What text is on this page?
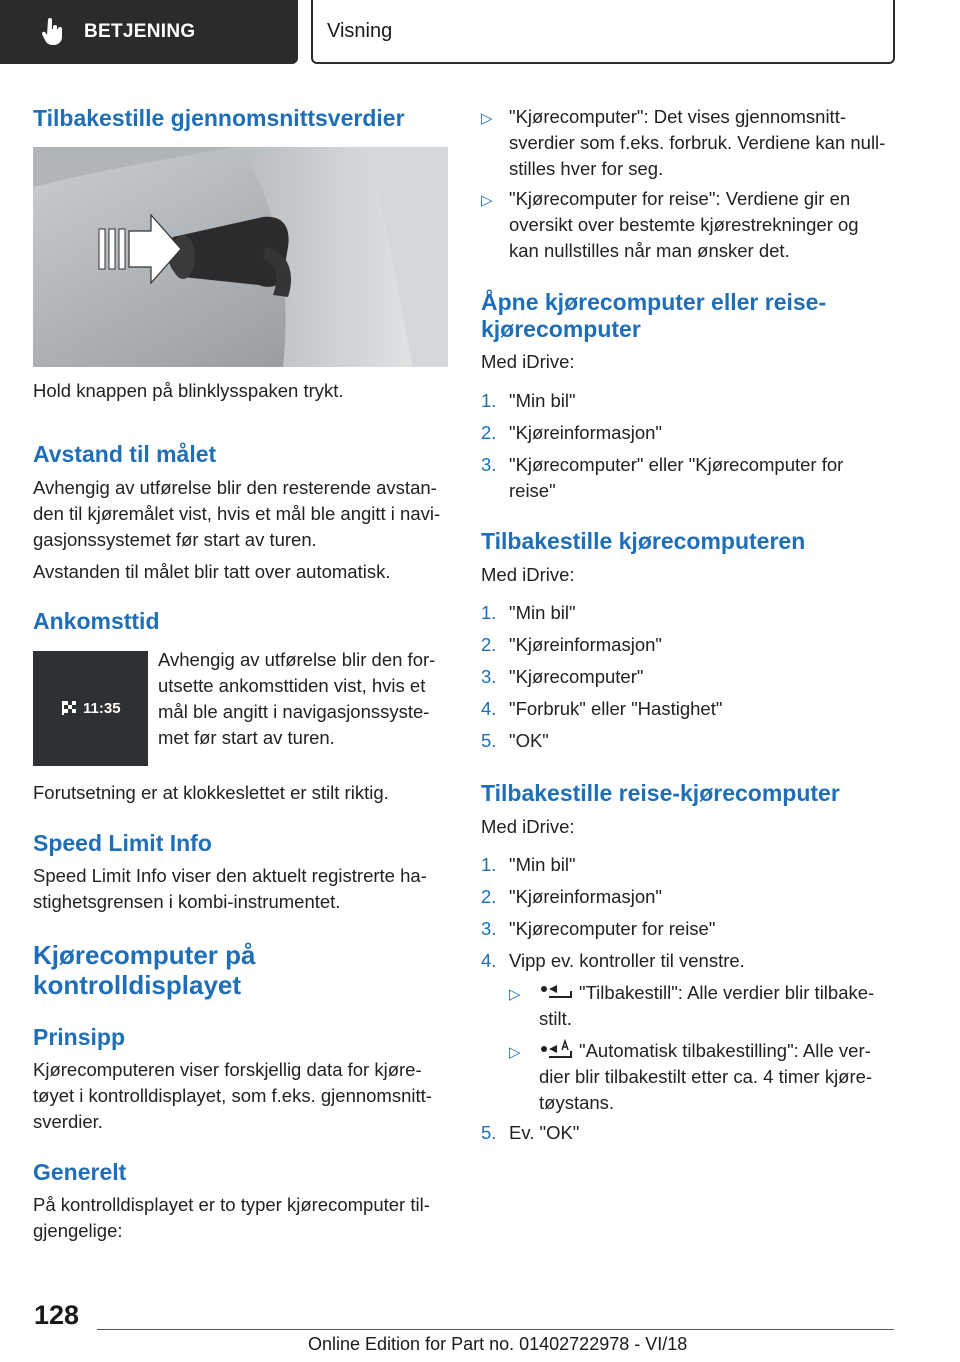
BETJENING	Visning
Tilbakestille gjennomsnittsverdier

Hold knappen på blinklysspaken trykt.

Avstand til målet

Avhengig av utførelse blir den resterende avstan-

den til kjøremålet vist, hvis et mål ble angitt i navi-

gasjonssystemet før start av turen.

Avstanden til målet blir tatt over automatisk.

Ankomsttid
11:35

Avhengig av utførelse blir den for-

utsette ankomsttiden vist, hvis et

mål ble angitt i navigasjonssyste-

met før start av turen.

Forutsetning er at klokkeslettet er stilt riktig.

Speed Limit Info

Speed Limit Info viser den aktuelt registrerte ha-

stighetsgrensen i kombi-instrumentet.

Kjørecomputer på
kontrolldisplayet
Prinsipp

Kjørecomputeren viser forskjellig data for kjøre-

tøyet i kontrolldisplayet, som f.eks. gjennomsnitt-

sverdier.

Generelt

På kontrolldisplayet er to typer kjørecomputer til-

gjengelige:

▷ "Kjørecomputer": Det vises gjennomsnitt-
sverdier som f.eks. forbruk. Verdiene kan null-
stilles hver for seg.
▷ "Kjørecomputer for reise": Verdiene gir en
oversikt over bestemte kjørestrekninger og
kan nullstilles når man ønsker det.
Åpne kjørecomputer eller reise-
kjørecomputer

Med iDrive:

1. "Min bil"
2. "Kjøreinformasjon"
3. "Kjørecomputer" eller "Kjørecomputer for
reise"
Tilbakestille kjørecomputeren

Med iDrive:

1. "Min bil"
2. "Kjøreinformasjon"
3. "Kjørecomputer"
4. "Forbruk" eller "Hastighet"
5. "OK"
Tilbakestille reise-kjørecomputer

Med iDrive:

1. "Min bil"
2. "Kjøreinformasjon"
3. "Kjørecomputer for reise"
4. Vipp ev. kontroller til venstre.
▷	"Tilbakestill": Alle verdier blir tilbake-
stilt.
▷	"Automatisk tilbakestilling": Alle ver-
dier blir tilbakestilt etter ca. 4 timer kjøre-
tøystans.
5. Ev. "OK"
128
Online Edition for Part no. 01402722978 - VI/18
